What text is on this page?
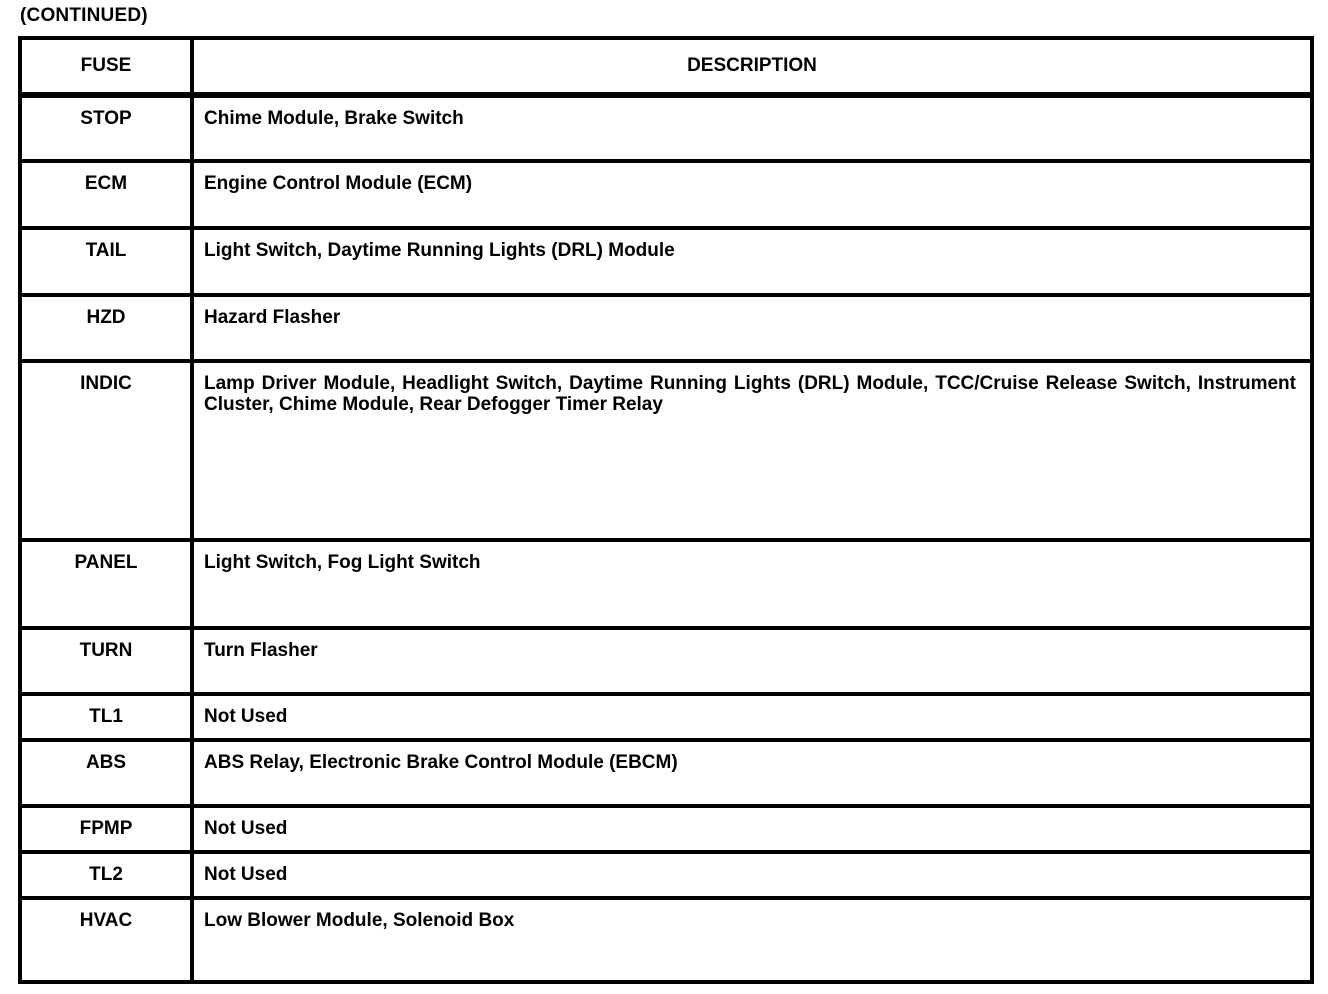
(CONTINUED)
FUSE	DESCRIPTION
STOP	Chime Module, Brake Switch
ECM	Engine Control Module (ECM)
TAIL	Light Switch, Daytime Running Lights (DRL) Module
HZD	Hazard Flasher
INDIC	Lamp Driver Module, Headlight Switch, Daytime Running Lights (DRL) Module, TCC/Cruise Release Switch, Instrument Cluster, Chime Module, Rear Defogger Timer Relay
PANEL	Light Switch, Fog Light Switch
TURN	Turn Flasher
TL1	Not Used
ABS	ABS Relay, Electronic Brake Control Module (EBCM)
FPMP	Not Used
TL2	Not Used
HVAC	Low Blower Module, Solenoid Box
